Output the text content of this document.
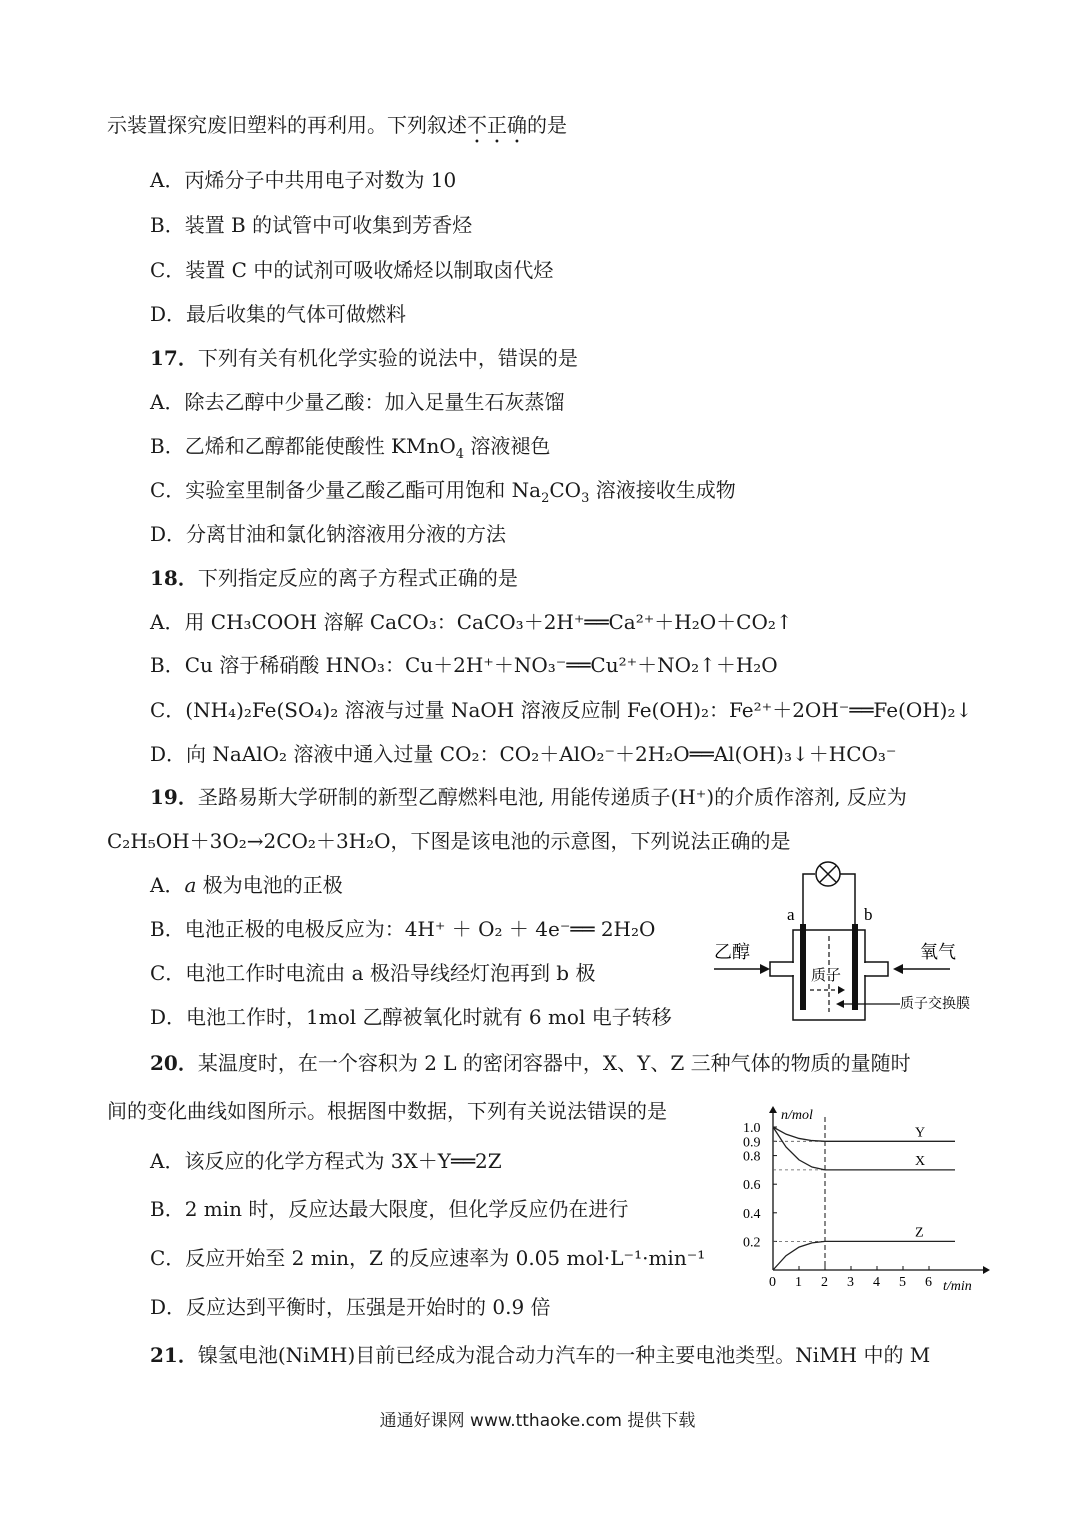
示装置探究废旧塑料的再利用。下列叙述不正确的是
A．丙烯分子中共用电子对数为 10
B．装置 B 的试管中可收集到芳香烃
C．装置 C 中的试剂可吸收烯烃以制取卤代烃
D．最后收集的气体可做燃料
17．下列有关有机化学实验的说法中，错误的是
A．除去乙醇中少量乙酸：加入足量生石灰蒸馏
B．乙烯和乙醇都能使酸性 KMnO$_4$ 溶液褪色
C．实验室里制备少量乙酸乙酯可用饱和 $Na_2CO_3$ 溶液接收生成物
D．分离甘油和氯化钠溶液用分液的方法
18．下列指定反应的离子方程式正确的是
A．用 CH₃COOH 溶解 CaCO₃：CaCO₃＋2H⁺══Ca²⁺＋H₂O＋CO₂↑
B．Cu 溶于稀硝酸 HNO₃：Cu＋2H⁺＋NO₃⁻══Cu²⁺＋NO₂↑＋H₂O
C．(NH₄)₂Fe(SO₄)₂ 溶液与过量 NaOH 溶液反应制 Fe(OH)₂：Fe²⁺＋2OH⁻══Fe(OH)₂↓
D．向 NaAlO₂ 溶液中通入过量 CO₂：CO₂＋AlO₂⁻＋2H₂O══Al(OH)₃↓＋HCO₃⁻
19．圣路易斯大学研制的新型乙醇燃料电池, 用能传递质子(H⁺)的介质作溶剂, 反应为
C₂H₅OH＋3O₂→2CO₂＋3H₂O，下图是该电池的示意图，下列说法正确的是
A．a 极为电池的正极
B．电池正极的电极反应为：4H⁺ ＋ O₂ ＋ 4e⁻══ 2H₂O
C．电池工作时电流由 a 极沿导线经灯泡再到 b 极
D．电池工作时，1mol 乙醇被氧化时就有 6 mol 电子转移
a	b
质子
乙醇	氧气
质子交换膜
20．某温度时，在一个容积为 2 L 的密闭容器中，X、Y、Z 三种气体的物质的量随时
间的变化曲线如图所示。根据图中数据，下列有关说法错误的是
A．该反应的化学方程式为 3X＋Y══2Z
B．2 min 时，反应达最大限度，但化学反应仍在进行
C．反应开始至 2 min，Z 的反应速率为 0.05 mol·L⁻¹·min⁻¹
D．反应达到平衡时，压强是开始时的 0.9 倍
n/mol
t/min
0 1 2 3 4 5 6
0.2
0.4
0.6
0.8
0.9
1.0	Y
X
Z
21．镍氢电池(NiMH)目前已经成为混合动力汽车的一种主要电池类型。NiMH 中的 M
通通好课网 www.tthaoke.com 提供下载
